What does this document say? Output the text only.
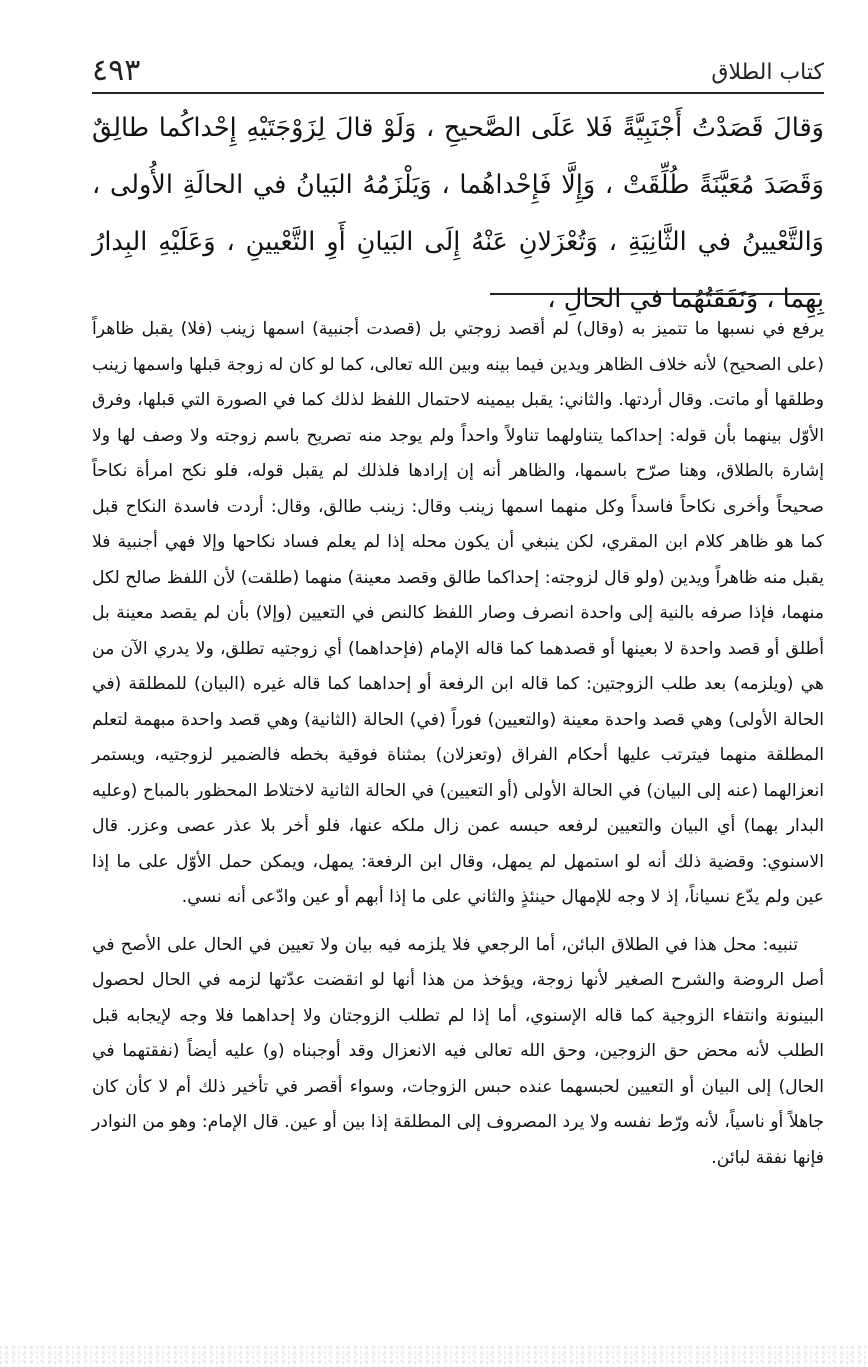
٤٩٣	كتاب الطلاق
وَقالَ قَصَدْتُ أَجْنَبِيَّةً فَلا عَلَى الصَّحيحِ ، وَلَوْ قالَ لِزَوْجَتَيْهِ إِحْداكُما طالِقٌ وَقَصَدَ مُعَيَّنَةً طُلِّقَتْ ، وَإِلَّا فَإِحْداهُما ، وَيَلْزَمُهُ البَيانُ في الحالَةِ الأُولى ، وَالتَّعْيينُ في الثَّانِيَةِ ، وَتُعْزَلانِ عَنْهُ إِلَى البَيانِ أَوِ التَّعْيينِ ، وَعَلَيْهِ البِدارُ بِهِما ، وَنَفَقَتُهُما في الحالِ ،

يرفع في نسبها ما تتميز به (وقال) لم أقصد زوجتي بل (قصدت أجنبية) اسمها زينب (فلا) يقبل ظاهراً (على الصحيح) لأنه خلاف الظاهر ويدين فيما بينه وبين الله تعالى، كما لو كان له زوجة قبلها واسمها زينب وطلقها أو ماتت. وقال أردتها. والثاني: يقبل بيمينه لاحتمال اللفظ لذلك كما في الصورة التي قبلها، وفرق الأوّل بينهما بأن قوله: إحداكما يتناولهما تناولاً واحداً ولم يوجد منه تصريح باسم زوجته ولا وصف لها ولا إشارة بالطلاق، وهنا صرّح باسمها، والظاهر أنه إن إرادها فلذلك لم يقبل قوله، فلو نكح امرأة نكاحاً صحيحاً وأخرى نكاحاً فاسداً وكل منهما اسمها زينب وقال: زينب طالق، وقال: أردت فاسدة النكاح قبل كما هو ظاهر كلام ابن المقري، لكن ينبغي أن يكون محله إذا لم يعلم فساد نكاحها وإلا فهي أجنبية فلا يقبل منه ظاهراً ويدين (ولو قال لزوجته: إحداكما طالق وقصد معينة) منهما (طلقت) لأن اللفظ صالح لكل منهما، فإذا صرفه بالنية إلى واحدة انصرف وصار اللفظ كالنص في التعيين (وإلا) بأن لم يقصد معينة بل أطلق أو قصد واحدة لا بعينها أو قصدهما كما قاله الإمام (فإحداهما) أي زوجتيه تطلق، ولا يدري الآن من هي (ويلزمه) بعد طلب الزوجتين: كما قاله ابن الرفعة أو إحداهما كما قاله غيره (البيان) للمطلقة (في الحالة الأولى) وهي قصد واحدة معينة (والتعيين) فوراً (في) الحالة (الثانية) وهي قصد واحدة مبهمة لتعلم المطلقة منهما فيترتب عليها أحكام الفراق (وتعزلان) بمثناة فوقية بخطه فالضمير لزوجتيه، ويستمر انعزالهما (عنه إلى البيان) في الحالة الأولى (أو التعيين) في الحالة الثانية لاختلاط المحظور بالمباح (وعليه البدار بهما) أي البيان والتعيين لرفعه حبسه عمن زال ملكه عنها، فلو أخر بلا عذر عصى وعزر. قال الاسنوي: وقضية ذلك أنه لو استمهل لم يمهل، وقال ابن الرفعة: يمهل، ويمكن حمل الأوّل على ما إذا عين ولم يدّع نسياناً، إذ لا وجه للإمهال حينئذٍ والثاني على ما إذا أبهم أو عين وادّعى أنه نسي.

تنبيه: محل هذا في الطلاق البائن، أما الرجعي فلا يلزمه فيه بيان ولا تعيين في الحال على الأصح في أصل الروضة والشرح الصغير لأنها زوجة، ويؤخذ من هذا أنها لو انقضت عدّتها لزمه في الحال لحصول البينونة وانتفاء الزوجية كما قاله الإسنوي، أما إذا لم تطلب الزوجتان ولا إحداهما فلا وجه لإيجابه قبل الطلب لأنه محض حق الزوجين، وحق الله تعالى فيه الانعزال وقد أوجبناه (و) عليه أيضاً (نفقتهما في الحال) إلى البيان أو التعيين لحبسهما عنده حبس الزوجات، وسواء أقصر في تأخير ذلك أم لا كأن كان جاهلاً أو ناسياً، لأنه ورّط نفسه ولا يرد المصروف إلى المطلقة إذا بين أو عين. قال الإمام: وهو من النوادر فإنها نفقة لبائن.
